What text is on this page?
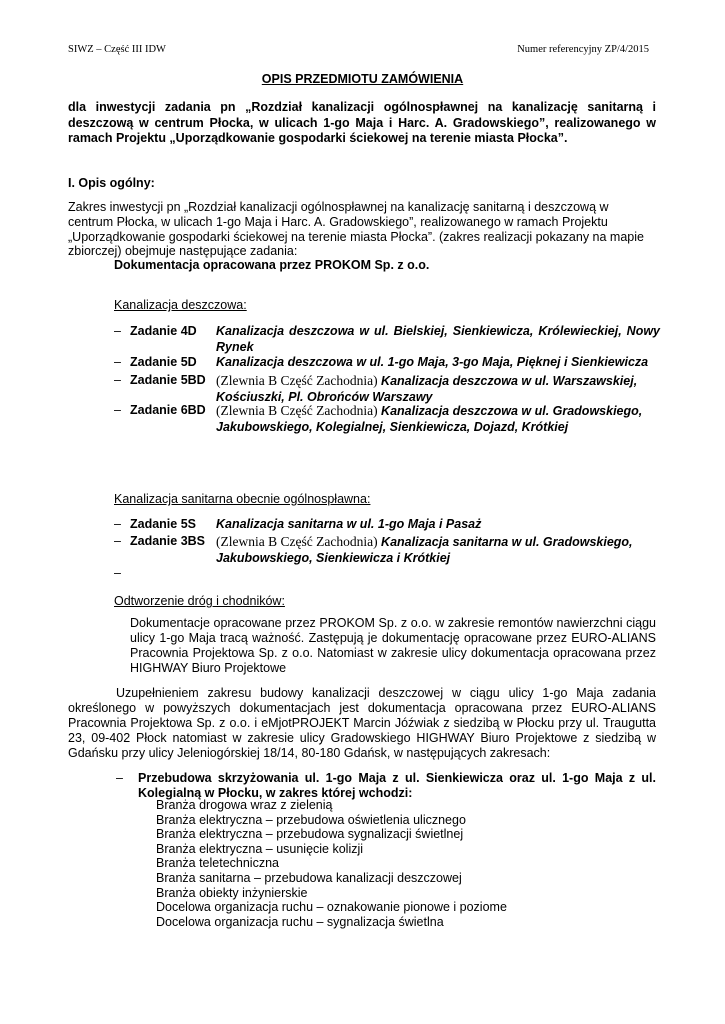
SIWZ – Część III IDW	Numer referencyjny ZP/4/2015
OPIS PRZEDMIOTU ZAMÓWIENIA
dla inwestycji zadania pn „Rozdział kanalizacji ogólnospławnej na kanalizację sanitarną i deszczową w centrum Płocka, w ulicach 1-go Maja i Harc. A. Gradowskiego”, realizowanego w ramach Projektu „Uporządkowanie gospodarki ściekowej na terenie miasta Płocka”.
I. Opis ogólny:
Zakres inwestycji pn „Rozdział kanalizacji ogólnospławnej na kanalizację sanitarną i deszczową w centrum Płocka, w ulicach 1-go Maja i Harc. A. Gradowskiego”, realizowanego w ramach Projektu „Uporządkowanie gospodarki ściekowej na terenie miasta Płocka”. (zakres realizacji pokazany na mapie zbiorczej) obejmuje następujące zadania:
Dokumentacja opracowana przez PROKOM Sp. z o.o.
Kanalizacja deszczowa:
– Zadanie 4D Kanalizacja deszczowa w ul. Bielskiej, Sienkiewicza, Królewieckiej, Nowy Rynek
– Zadanie 5D Kanalizacja deszczowa w ul. 1-go Maja, 3-go Maja, Pięknej i Sienkiewicza
– Zadanie 5BD (Zlewnia B Część Zachodnia) Kanalizacja deszczowa w ul. Warszawskiej, Kościuszki, Pl. Obrońców Warszawy
– Zadanie 6BD (Zlewnia B Część Zachodnia) Kanalizacja deszczowa w ul. Gradowskiego, Jakubowskiego, Kolegialnej, Sienkiewicza, Dojazd, Krótkiej
Kanalizacja sanitarna obecnie ogólnospławna:
– Zadanie 5S Kanalizacja sanitarna w ul. 1-go Maja i Pasaż
– Zadanie 3BS (Zlewnia B Część Zachodnia) Kanalizacja sanitarna w ul. Gradowskiego, Jakubowskiego, Sienkiewicza i Krótkiej
–
Odtworzenie dróg i chodników:
Dokumentacje opracowane przez PROKOM Sp. z o.o. w zakresie remontów nawierzchni ciągu ulicy 1-go Maja tracą ważność. Zastępują je dokumentację opracowane przez EURO-ALIANS Pracownia Projektowa Sp. z o.o. Natomiast w zakresie ulicy dokumentacja opracowana przez HIGHWAY Biuro Projektowe
Uzupełnieniem zakresu budowy kanalizacji deszczowej w ciągu ulicy 1-go Maja zadania określonego w powyższych dokumentacjach jest dokumentacja opracowana przez EURO-ALIANS Pracownia Projektowa Sp. z o.o. i eMjotPROJEKT Marcin Jóźwiak z siedzibą w Płocku przy ul. Traugutta 23, 09-402 Płock natomiast w zakresie ulicy Gradowskiego HIGHWAY Biuro Projektowe z siedzibą w Gdańsku przy ulicy Jeleniogórskiej 18/14, 80-180 Gdańsk, w następujących zakresach:
– Przebudowa skrzyżowania ul. 1-go Maja z ul. Sienkiewicza oraz ul. 1-go Maja z ul. Kolegialną w Płocku, w zakres której wchodzi:
Branża drogowa wraz z zielenią
Branża elektryczna – przebudowa oświetlenia ulicznego
Branża elektryczna – przebudowa sygnalizacji świetlnej
Branża elektryczna – usunięcie kolizji
Branża teletechniczna
Branża sanitarna – przebudowa kanalizacji deszczowej
Branża obiekty inżynierskie
Docelowa organizacja ruchu – oznakowanie pionowe i poziome
Docelowa organizacja ruchu – sygnalizacja świetlna
